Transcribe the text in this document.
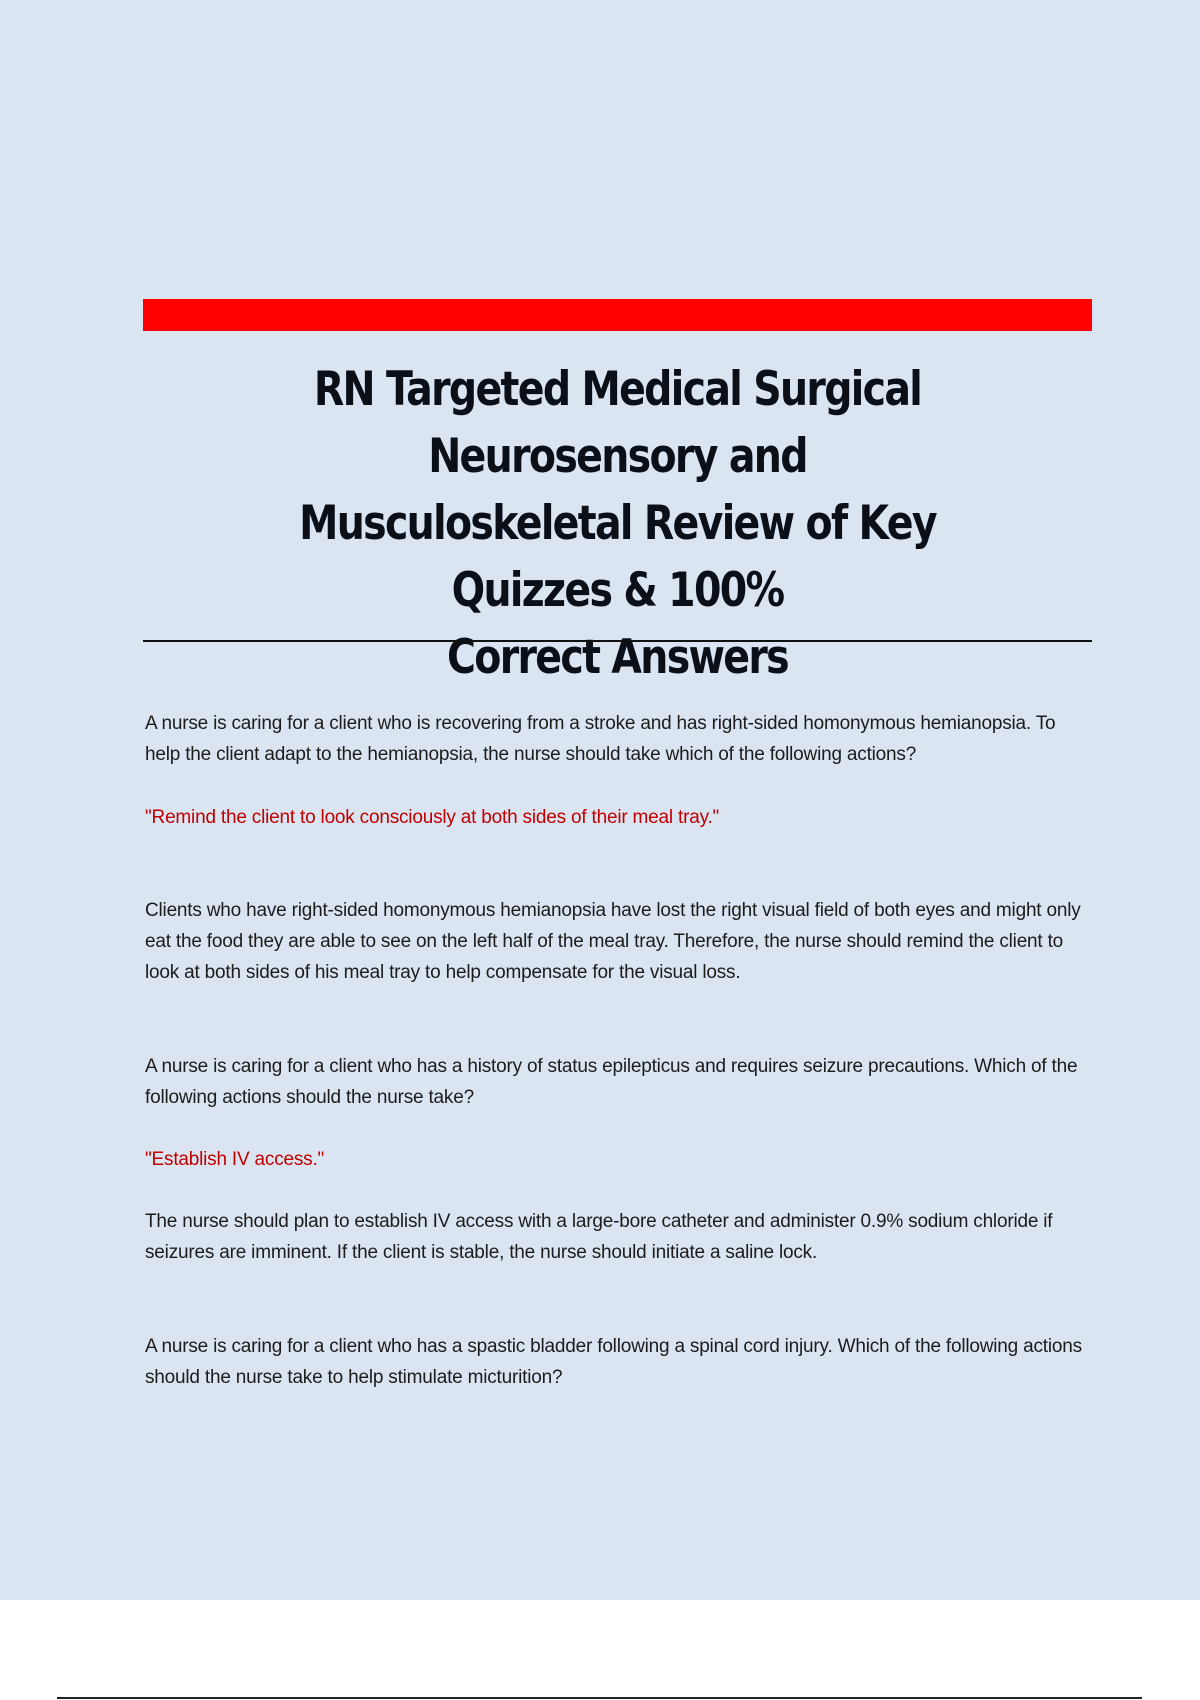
RN Targeted Medical Surgical Neurosensory and
Musculoskeletal Review of Key Quizzes & 100%
Correct Answers

A nurse is caring for a client who is recovering from a stroke and has right-sided homonymous hemianopsia. To help the client adapt to the hemianopsia, the nurse should take which of the following actions?

"Remind the client to look consciously at both sides of their meal tray."

Clients who have right-sided homonymous hemianopsia have lost the right visual field of both eyes and might only eat the food they are able to see on the left half of the meal tray. Therefore, the nurse should remind the client to look at both sides of his meal tray to help compensate for the visual loss.

A nurse is caring for a client who has a history of status epilepticus and requires seizure precautions. Which of the following actions should the nurse take?

"Establish IV access."

The nurse should plan to establish IV access with a large-bore catheter and administer 0.9% sodium chloride if seizures are imminent. If the client is stable, the nurse should initiate a saline lock.

A nurse is caring for a client who has a spastic bladder following a spinal cord injury. Which of the following actions should the nurse take to help stimulate micturition?
